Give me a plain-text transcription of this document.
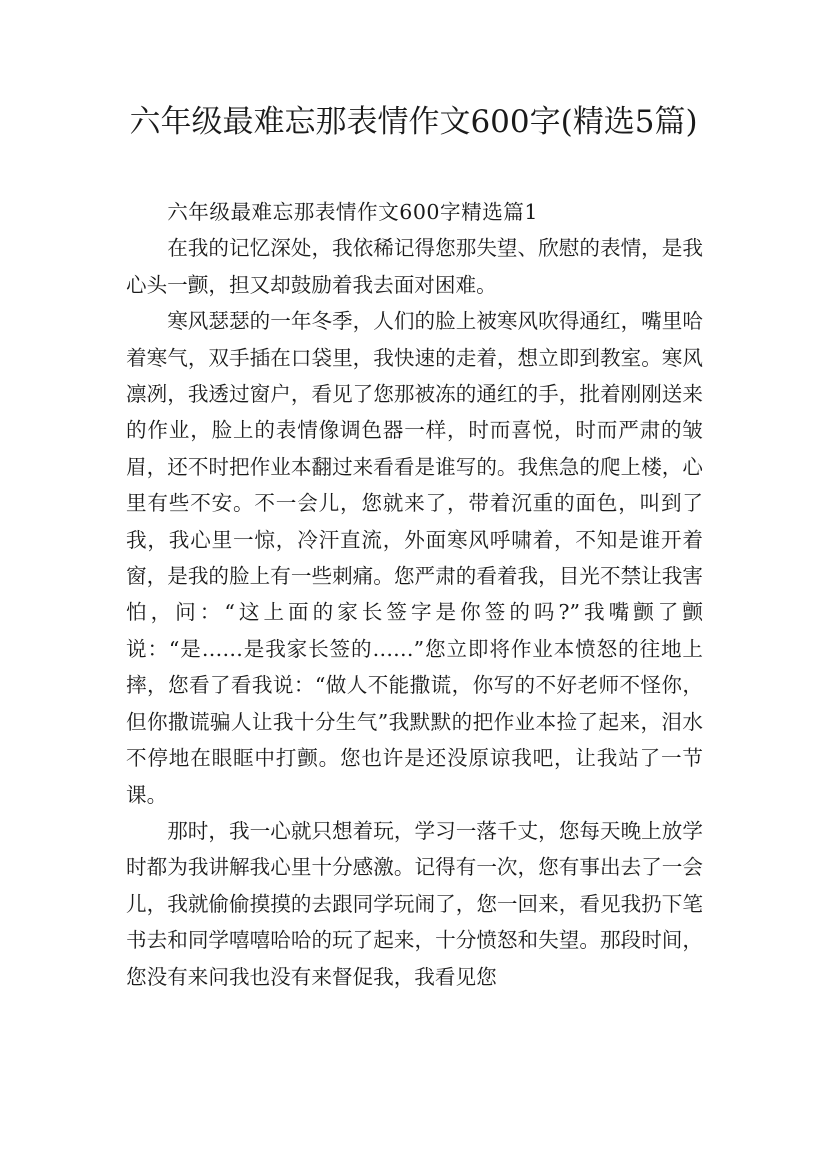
六年级最难忘那表情作文600字(精选5篇)

六年级最难忘那表情作文600字精选篇1

在我的记忆深处，我依稀记得您那失望、欣慰的表情，是我心头一颤，担又却鼓励着我去面对困难。

寒风瑟瑟的一年冬季，人们的脸上被寒风吹得通红，嘴里哈着寒气，双手插在口袋里，我快速的走着，想立即到教室。寒风凛冽，我透过窗户，看见了您那被冻的通红的手，批着刚刚送来的作业，脸上的表情像调色器一样，时而喜悦，时而严肃的皱眉，还不时把作业本翻过来看看是谁写的。我焦急的爬上楼，心里有些不安。不一会儿，您就来了，带着沉重的面色，叫到了我，我心里一惊，冷汗直流，外面寒风呼啸着，不知是谁开着窗，是我的脸上有一些刺痛。您严肃的看着我，目光不禁让我害怕，问：“这上面的家长签字是你签的吗?”我嘴颤了颤说：“是……是我家长签的……”您立即将作业本愤怒的往地上摔，您看了看我说：“做人不能撒谎，你写的不好老师不怪你，但你撒谎骗人让我十分生气”我默默的把作业本捡了起来，泪水不停地在眼眶中打颤。您也许是还没原谅我吧，让我站了一节课。

那时，我一心就只想着玩，学习一落千丈，您每天晚上放学时都为我讲解我心里十分感激。记得有一次，您有事出去了一会儿，我就偷偷摸摸的去跟同学玩闹了，您一回来，看见我扔下笔书去和同学嘻嘻哈哈的玩了起来，十分愤怒和失望。那段时间，您没有来问我也没有来督促我，我看见您
